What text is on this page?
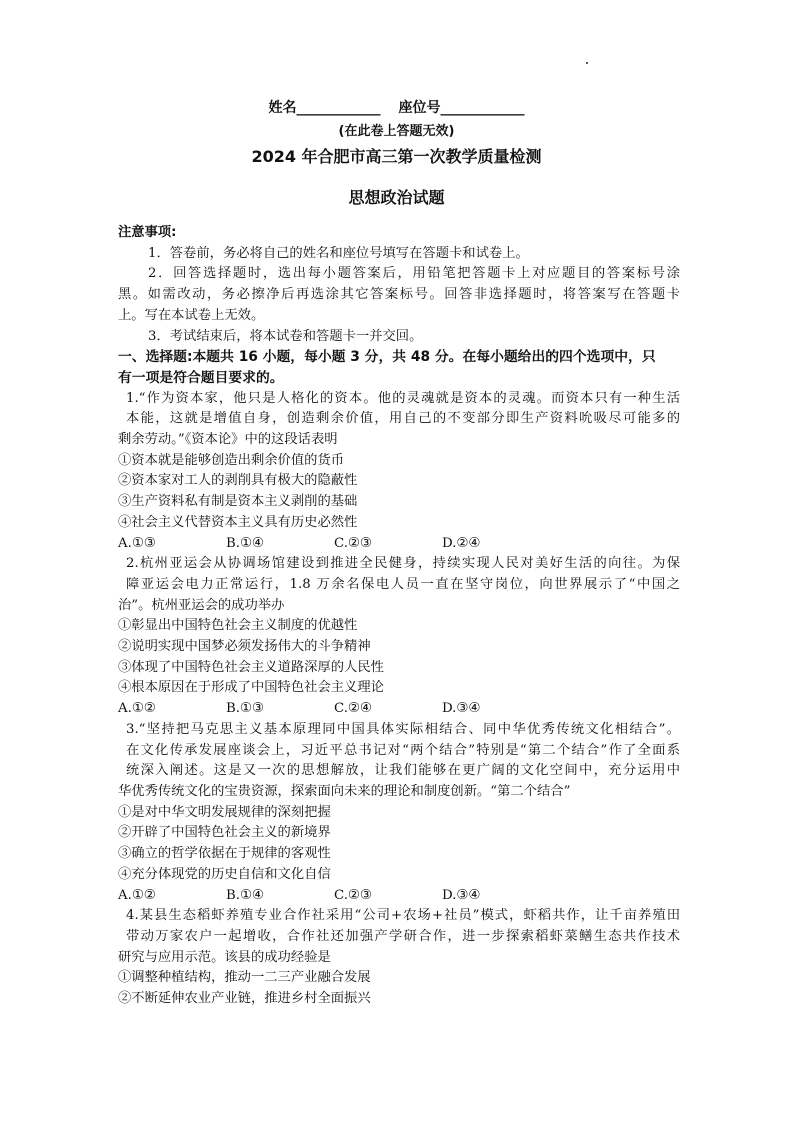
姓名____________ 座位号____________
(在此卷上答题无效)
2024 年合肥市高三第一次教学质量检测
思想政治试题

注意事项:

1．答卷前，务必将自己的姓名和座位号填写在答题卡和试卷上。

2．回答选择题时，选出每小题答案后，用铅笔把答题卡上对应题目的答案标号涂

黑。如需改动，务必擦净后再选涂其它答案标号。回答非选择题时，将答案写在答题卡

上。写在本试卷上无效。

3．考试结束后，将本试卷和答题卡一并交回。

一、选择题:本题共 16 小题，每小题 3 分，共 48 分。在每小题给出的四个选项中，只

有一项是符合题目要求的。

1.“作为资本家，他只是人格化的资本。他的灵魂就是资本的灵魂。而资本只有一种生活

本能，这就是增值自身，创造剩余价值，用自己的不变部分即生产资料吮吸尽可能多的

剩余劳动。”《资本论》中的这段话表明

①资本就是能够创造出剩余价值的货币

②资本家对工人的剥削具有极大的隐蔽性

③生产资料私有制是资本主义剥削的基础

④社会主义代替资本主义具有历史必然性

A.①③	B.①④	C.②③	D.②④

2.杭州亚运会从协调场馆建设到推进全民健身，持续实现人民对美好生活的向往。为保

障亚运会电力正常运行，1.8 万余名保电人员一直在坚守岗位，向世界展示了“中国之

治”。杭州亚运会的成功举办

①彰显出中国特色社会主义制度的优越性

②说明实现中国梦必须发扬伟大的斗争精神

③体现了中国特色社会主义道路深厚的人民性

④根本原因在于形成了中国特色社会主义理论

A.①②	B.①③	C.②④	D.③④

3.“坚持把马克思主义基本原理同中国具体实际相结合、同中华优秀传统文化相结合”。

在文化传承发展座谈会上，习近平总书记对“两个结合”特别是“第二个结合”作了全面系

统深入阐述。这是又一次的思想解放，让我们能够在更广阔的文化空间中，充分运用中

华优秀传统文化的宝贵资源，探索面向未来的理论和制度创新。“第二个结合”

①是对中华文明发展规律的深刻把握

②开辟了中国特色社会主义的新境界

③确立的哲学依据在于规律的客观性

④充分体现党的历史自信和文化自信

A.①②	B.①④	C.②③	D.③④

4.某县生态稻虾养殖专业合作社采用“公司+农场+社员”模式，虾稻共作，让千亩养殖田

带动万家农户一起增收，合作社还加强产学研合作，进一步探索稻虾菜鳝生态共作技术

研究与应用示范。该县的成功经验是

①调整种植结构，推动一二三产业融合发展

②不断延伸农业产业链，推进乡村全面振兴
